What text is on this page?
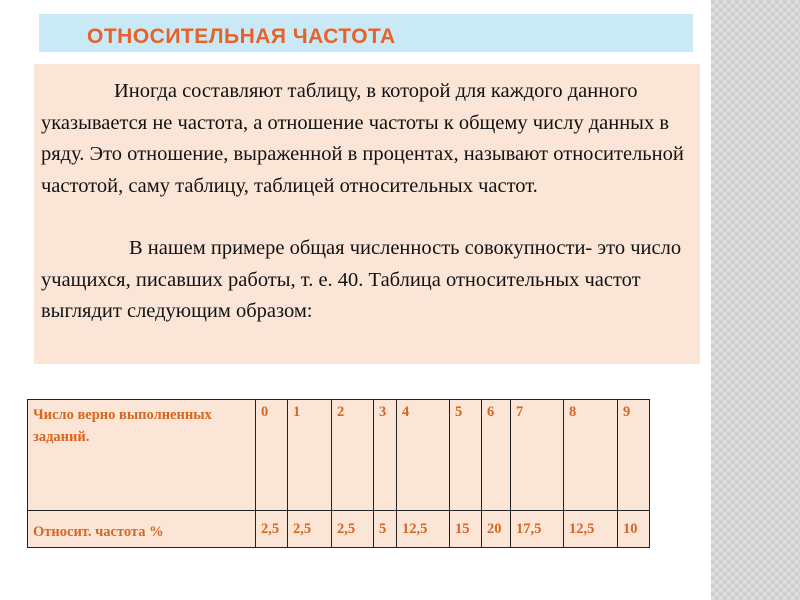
ОТНОСИТЕЛЬНАЯ ЧАСТОТА

Иногда составляют таблицу, в которой для каждого данного указывается не частота, а отношение частоты к общему числу данных в ряду. Это отношение, выраженной в процентах, называют относительной частотой, саму таблицу, таблицей относительных частот.

В нашем примере общая численность совокупности- это число учащихся, писавших работы, т. е. 40. Таблица относительных частот выглядит следующим образом:

Число верно выполненных заданий.	0	1	2	3	4	5	6	7	8	9
Относит. частота %	2,5	2,5	2,5	5	12,5	15	20	17,5	12,5	10
